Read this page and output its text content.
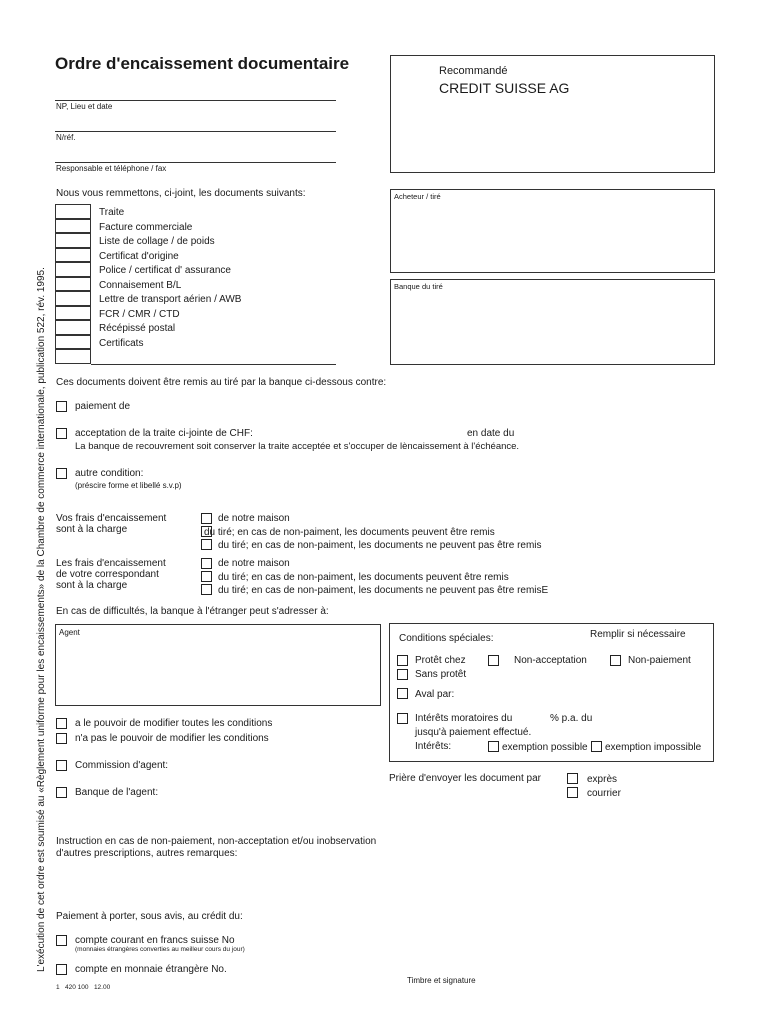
L'exécution de cet ordre est soumisé au «Règlement uniforme pour les encaissements» de la Chambre de commerce internationale, publication 522, rév. 1995.
Ordre d'encaissement documentaire
NP, Lieu et date
N/réf.
Responsable et téléphone / fax
Recommandé
CREDIT SUISSE AG
Acheteur / tiré
Banque du tiré
Nous vous remmettons, ci-joint, les documents suivants:
Traite
Facture commerciale
Liste de collage / de poids
Certificat d'origine
Police / certificat d' assurance
Connaisement B/L
Lettre de transport aérien / AWB
FCR / CMR / CTD
Récépissé postal
Certificats
Ces documents doivent être remis au tiré par la banque ci-dessous contre:
paiement de
acceptation de la traite ci-jointe de CHF:	en date du
La banque de recouvrement soit conserver la traite acceptée et s'occuper de lèncaissement à l'échéance.
autre condition:
(préscire forme et libellé s.v.p)
Vos frais d'encaissement
sont à la charge
de notre maison
du tiré; en cas de non-paiment, les documents peuvent être remis
du tiré; en cas de non-paiment, les documents ne peuvent pas être remis
Les frais d'encaissement
de votre correspondant
sont à la charge
de notre maison
du tiré; en cas de non-paiment, les documents peuvent être remis
du tiré; en cas de non-paiment, les documents ne peuvent pas être remisE
En cas de difficultés, la banque à l'étranger peut s'adresser à:
Agent
a le pouvoir de modifier toutes les conditions
n'a pas le pouvoir de modifier les conditions
Commission d'agent:
Banque de l'agent:
Conditions spéciales:	Remplir si nécessaire
Protêt chez	Non-acceptation	Non-paiement
Sans protêt
Aval par:
Intérêts moratoires du	% p.a. du
jusqu'à paiement effectué.
Intérêts:	exemption possible exemption impossible
Prière d'envoyer les document par	exprès
courrier
Instruction en cas de non-paiement, non-acceptation et/ou inobservation
d'autres prescriptions, autres remarques:
Paiement à porter, sous avis, au crédit du:
compte courant en francs suisse No
(monnaies étrangères converties au meilleur cours du jour)
compte en monnaie étrangère No.
Timbre et signature
1   420 100   12.00
